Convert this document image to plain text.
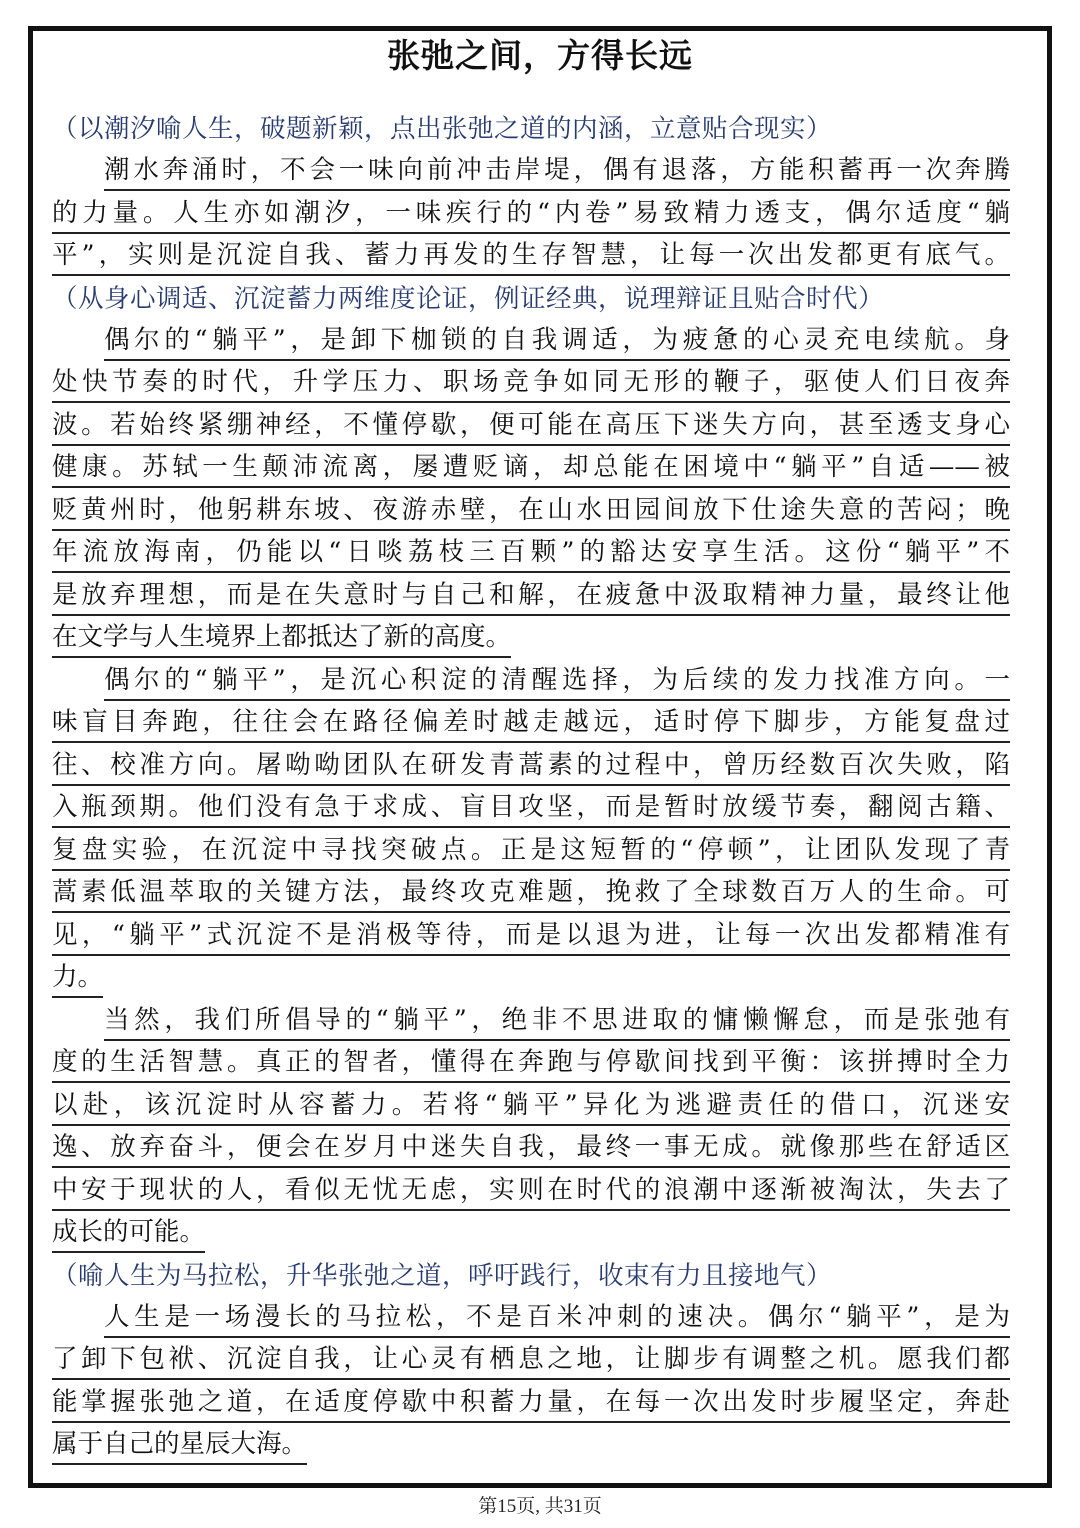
张弛之间，方得长远
（以潮汐喻人生，破题新颖，点出张弛之道的内涵，立意贴合现实）
潮水奔涌时，不会一味向前冲击岸堤，偶有退落，方能积蓄再一次奔腾
的力量。人生亦如潮汐，一味疾行的“内卷”易致精力透支，偶尔适度“躺
平”，实则是沉淀自我、蓄力再发的生存智慧，让每一次出发都更有底气。
（从身心调适、沉淀蓄力两维度论证，例证经典，说理辩证且贴合时代）
偶尔的“躺平”，是卸下枷锁的自我调适，为疲惫的心灵充电续航。身
处快节奏的时代，升学压力、职场竞争如同无形的鞭子，驱使人们日夜奔
波。若始终紧绷神经，不懂停歇，便可能在高压下迷失方向，甚至透支身心
健康。苏轼一生颠沛流离，屡遭贬谪，却总能在困境中“躺平”自适——被
贬黄州时，他躬耕东坡、夜游赤壁，在山水田园间放下仕途失意的苦闷；晚
年流放海南，仍能以“日啖荔枝三百颗”的豁达安享生活。这份“躺平”不
是放弃理想，而是在失意时与自己和解，在疲惫中汲取精神力量，最终让他
在文学与人生境界上都抵达了新的高度。
偶尔的“躺平”，是沉心积淀的清醒选择，为后续的发力找准方向。一
味盲目奔跑，往往会在路径偏差时越走越远，适时停下脚步，方能复盘过
往、校准方向。屠呦呦团队在研发青蒿素的过程中，曾历经数百次失败，陷
入瓶颈期。他们没有急于求成、盲目攻坚，而是暂时放缓节奏，翻阅古籍、
复盘实验，在沉淀中寻找突破点。正是这短暂的“停顿”，让团队发现了青
蒿素低温萃取的关键方法，最终攻克难题，挽救了全球数百万人的生命。可
见，“躺平”式沉淀不是消极等待，而是以退为进，让每一次出发都精准有
力。
当然，我们所倡导的“躺平”，绝非不思进取的慵懒懈怠，而是张弛有
度的生活智慧。真正的智者，懂得在奔跑与停歇间找到平衡：该拼搏时全力
以赴，该沉淀时从容蓄力。若将“躺平”异化为逃避责任的借口，沉迷安
逸、放弃奋斗，便会在岁月中迷失自我，最终一事无成。就像那些在舒适区
中安于现状的人，看似无忧无虑，实则在时代的浪潮中逐渐被淘汰，失去了
成长的可能。
（喻人生为马拉松，升华张弛之道，呼吁践行，收束有力且接地气）
人生是一场漫长的马拉松，不是百米冲刺的速决。偶尔“躺平”，是为
了卸下包袱、沉淀自我，让心灵有栖息之地，让脚步有调整之机。愿我们都
能掌握张弛之道，在适度停歇中积蓄力量，在每一次出发时步履坚定，奔赴
属于自己的星辰大海。
第15页, 共31页
